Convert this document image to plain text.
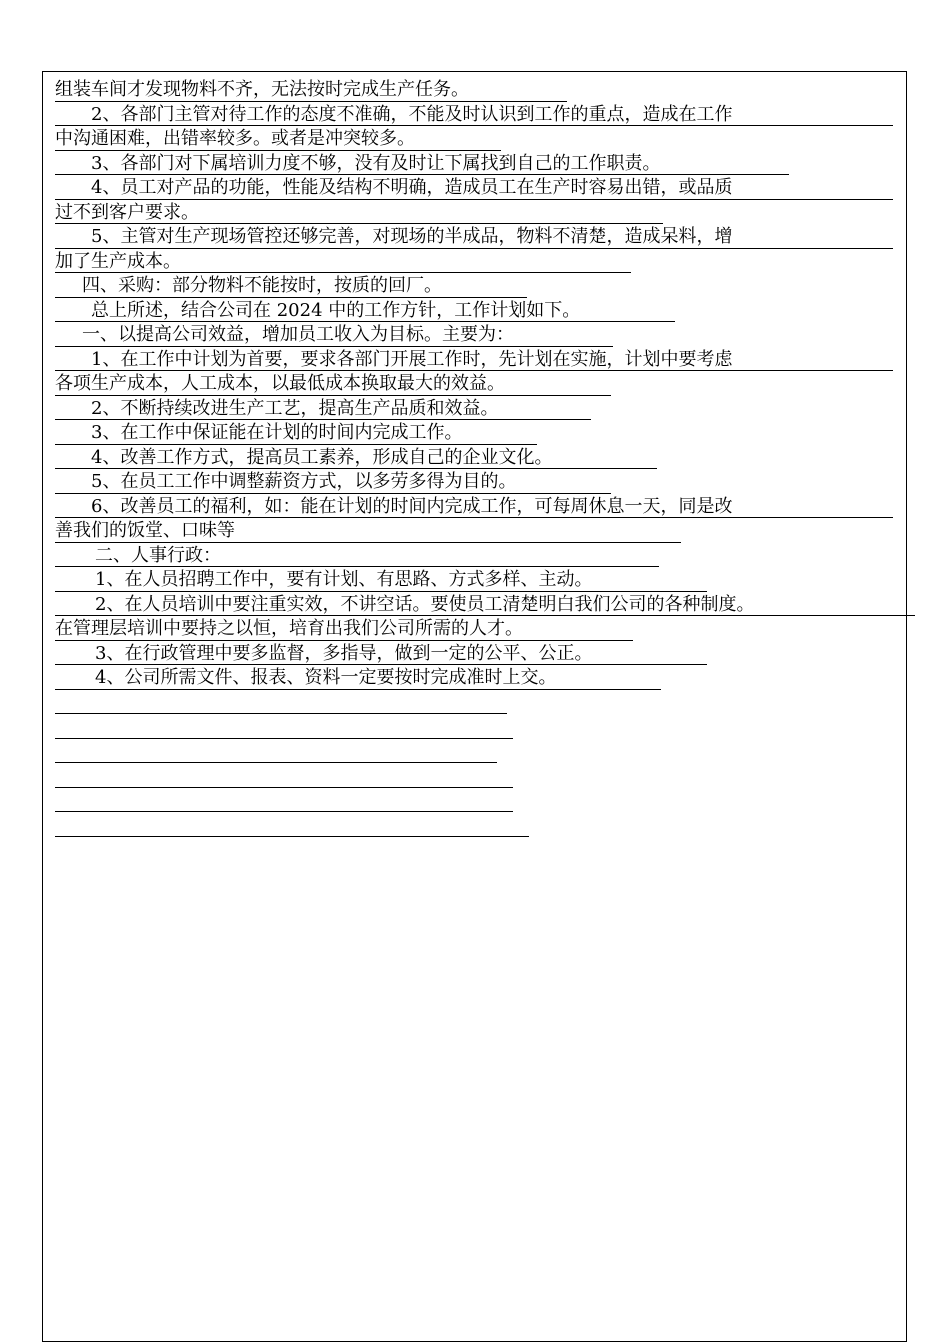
组装车间才发现物料不齐，无法按时完成生产任务。
2、各部门主管对待工作的态度不准确，不能及时认识到工作的重点，造成在工作
中沟通困难，出错率较多。或者是冲突较多。
3、各部门对下属培训力度不够，没有及时让下属找到自己的工作职责。
4、员工对产品的功能，性能及结构不明确，造成员工在生产时容易出错，或品质
过不到客户要求。
5、主管对生产现场管控还够完善，对现场的半成品，物料不清楚，造成呆料，增
加了生产成本。
四、采购：部分物料不能按时，按质的回厂。
总上所述，结合公司在 2024 中的工作方针，工作计划如下。
一、以提高公司效益，增加员工收入为目标。主要为：
1、在工作中计划为首要，要求各部门开展工作时，先计划在实施，计划中要考虑
各项生产成本，人工成本，以最低成本换取最大的效益。
2、不断持续改进生产工艺，提高生产品质和效益。
3、在工作中保证能在计划的时间内完成工作。
4、改善工作方式，提高员工素养，形成自己的企业文化。
5、在员工工作中调整薪资方式，以多劳多得为目的。
6、改善员工的福利，如：能在计划的时间内完成工作，可每周休息一天，同是改
善我们的饭堂、口味等
二、人事行政：
1、在人员招聘工作中，要有计划、有思路、方式多样、主动。
2、在人员培训中要注重实效，不讲空话。要使员工清楚明白我们公司的各种制度。
在管理层培训中要持之以恒，培育出我们公司所需的人才。
3、在行政管理中要多监督，多指导，做到一定的公平、公正。
4、公司所需文件、报表、资料一定要按时完成准时上交。
